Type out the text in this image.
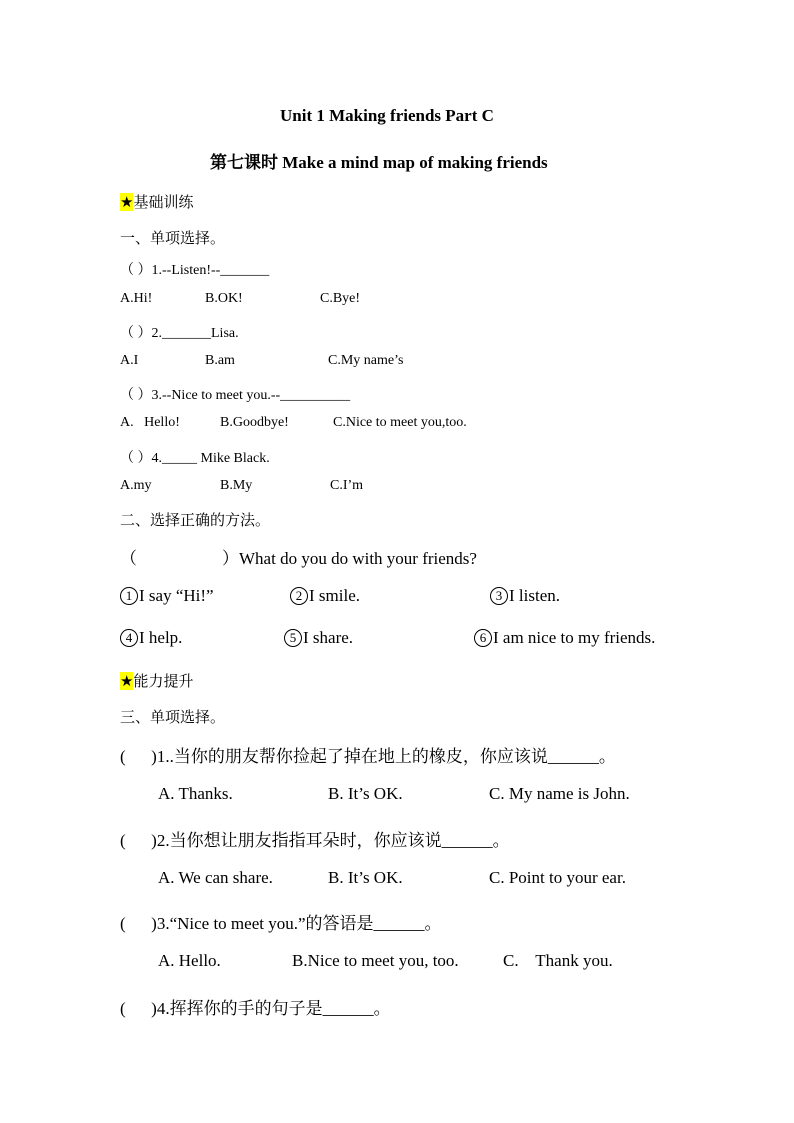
Unit 1 Making friends Part C
第七课时 Make a mind map of making friends
★基础训练
一、单项选择。
（ ）1.--Listen!--_______
A.Hi!	B.OK!	C.Bye!
（ ）2._______Lisa.
A.I	B.am	C.My name’s
（ ）3.--Nice to meet you.--__________
A.   Hello!	B.Goodbye!	C.Nice to meet you,too.
（ ）4._____ Mike Black.
A.my	B.My	C.I’m
二、选择正确的方法。
（                    ）What do you do with your friends?
1 I say “Hi!”	2 I smile.	3 I listen.
4 I help.	5 I share.	6 I am nice to my friends.
★能力提升
三、单项选择。
(      )1..当你的朋友帮你捡起了掉在地上的橡皮，你应该说______。
A. Thanks.	B. It’s OK.	C. My name is John.
(      )2.当你想让朋友指指耳朵时，你应该说______。
A. We can share.	B. It’s OK.	C. Point to your ear.
(      )3.“Nice to meet you.”的答语是______。
A. Hello.	B.Nice to meet you, too.	C.    Thank you.
(      )4.挥挥你的手的句子是______。
